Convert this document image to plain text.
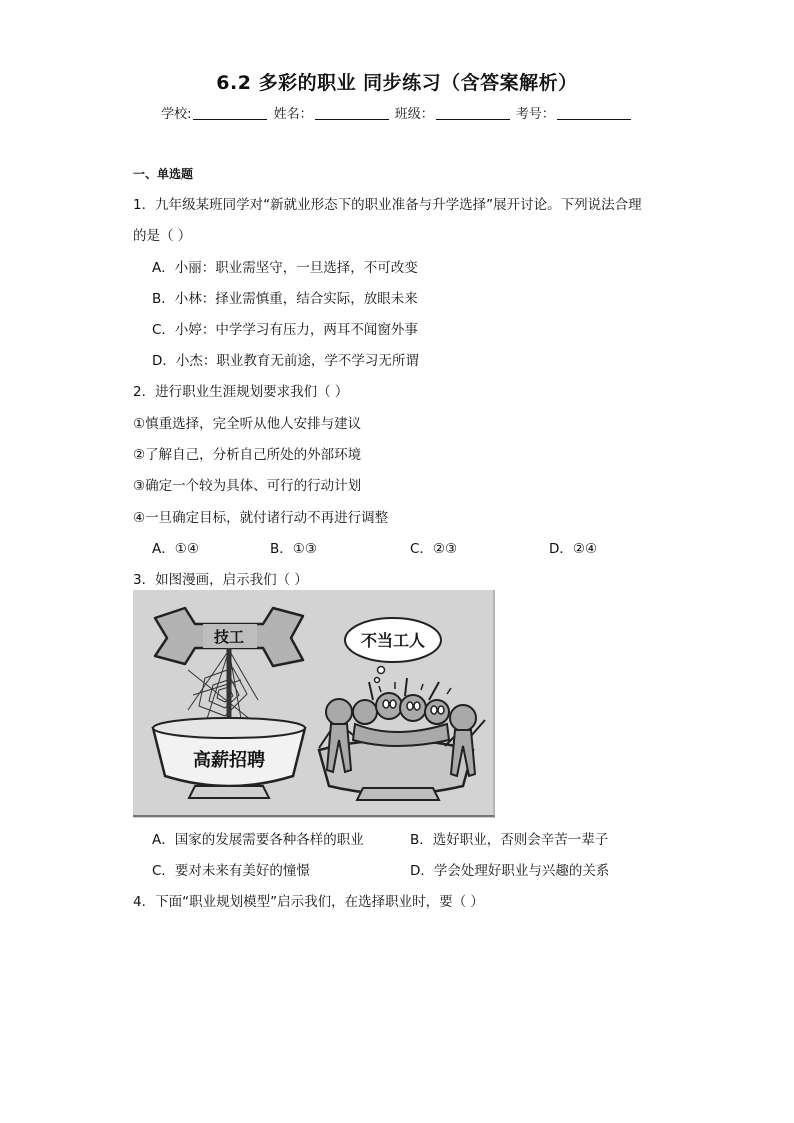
6.2 多彩的职业 同步练习（含答案解析）
学校:	姓名：	班级：	考号：
一、单选题
1．九年级某班同学对“新就业形态下的职业准备与升学选择”展开讨论。下列说法合理
的是（ ）
A．小丽：职业需坚守，一旦选择，不可改变
B．小林：择业需慎重，结合实际，放眼未来
C．小婷：中学学习有压力，两耳不闻窗外事
D．小杰：职业教育无前途，学不学习无所谓
2．进行职业生涯规划要求我们（ ）
①慎重选择，完全听从他人安排与建议
②了解自己，分析自己所处的外部环境
③确定一个较为具体、可行的行动计划
④一旦确定目标，就付诸行动不再进行调整
A．①④	B．①③	C．②③	D．②④
3．如图漫画，启示我们（ ）
技工
高薪招聘
不当工人
A．国家的发展需要各种各样的职业	B．选好职业，否则会辛苦一辈子
C．要对未来有美好的憧憬	D．学会处理好职业与兴趣的关系
4．下面“职业规划模型”启示我们，在选择职业时，要（ ）
